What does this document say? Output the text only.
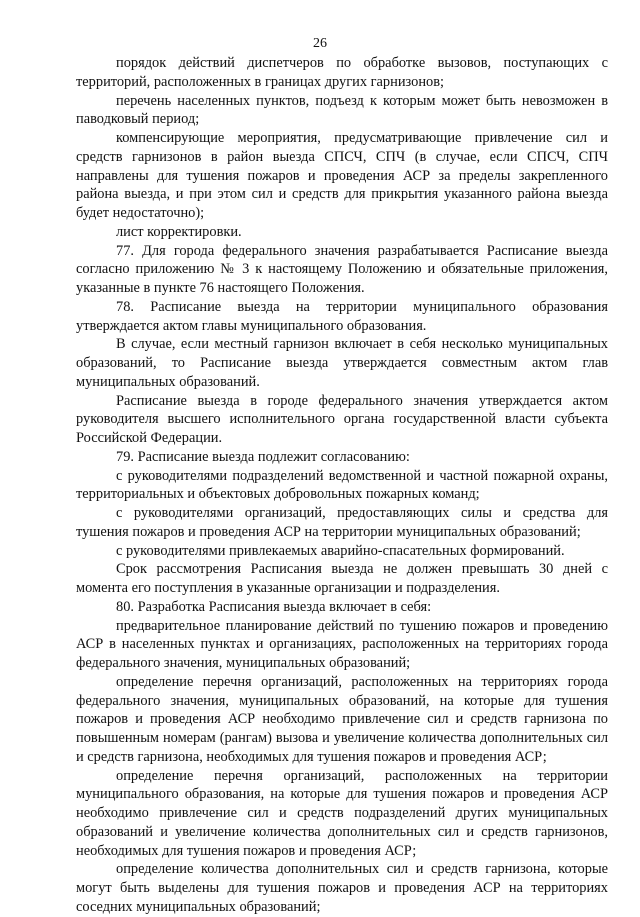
26

порядок действий диспетчеров по обработке вызовов, поступающих с территорий, расположенных в границах других гарнизонов;

перечень населенных пунктов, подъезд к которым может быть невозможен в паводковый период;

компенсирующие мероприятия, предусматривающие привлечение сил и средств гарнизонов в район выезда СПСЧ, СПЧ (в случае, если СПСЧ, СПЧ направлены для тушения пожаров и проведения АСР за пределы закрепленного района выезда, и при этом сил и средств для прикрытия указанного района выезда будет недостаточно);

лист корректировки.

77. Для города федерального значения разрабатывается Расписание выезда согласно приложению № 3 к настоящему Положению и обязательные приложения, указанные в пункте 76 настоящего Положения.

78. Расписание выезда на территории муниципального образования утверждается актом главы муниципального образования.

В случае, если местный гарнизон включает в себя несколько муниципальных образований, то Расписание выезда утверждается совместным актом глав муниципальных образований.

Расписание выезда в городе федерального значения утверждается актом руководителя высшего исполнительного органа государственной власти субъекта Российской Федерации.

79. Расписание выезда подлежит согласованию:

с руководителями подразделений ведомственной и частной пожарной охраны, территориальных и объектовых добровольных пожарных команд;

с руководителями организаций, предоставляющих силы и средства для тушения пожаров и проведения АСР на территории муниципальных образований;

с руководителями привлекаемых аварийно-спасательных формирований.

Срок рассмотрения Расписания выезда не должен превышать 30 дней с момента его поступления в указанные организации и подразделения.

80. Разработка Расписания выезда включает в себя:

предварительное планирование действий по тушению пожаров и проведению АСР в населенных пунктах и организациях, расположенных на территориях города федерального значения, муниципальных образований;

определение перечня организаций, расположенных на территориях города федерального значения, муниципальных образований, на которые для тушения пожаров и проведения АСР необходимо привлечение сил и средств гарнизона по повышенным номерам (рангам) вызова и увеличение количества дополнительных сил и средств гарнизона, необходимых для тушения пожаров и проведения АСР;

определение перечня организаций, расположенных на территории муниципального образования, на которые для тушения пожаров и проведения АСР необходимо привлечение сил и средств подразделений других муниципальных образований и увеличение количества дополнительных сил и средств гарнизонов, необходимых для тушения пожаров и проведения АСР;

определение количества дополнительных сил и средств гарнизона, которые могут быть выделены для тушения пожаров и проведения АСР на территориях соседних муниципальных образований;
